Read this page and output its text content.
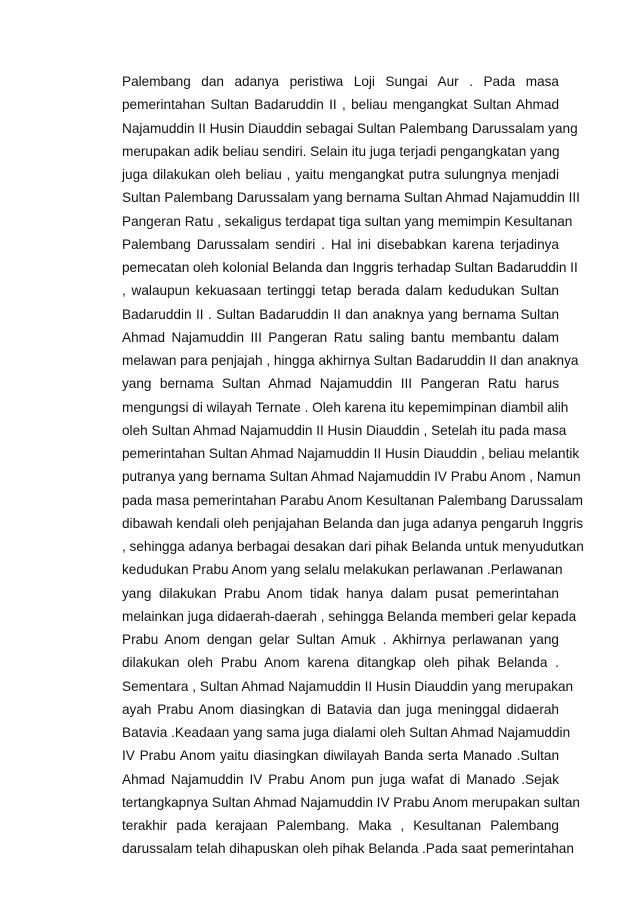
Palembang dan adanya peristiwa Loji Sungai Aur . Pada masa
pemerintahan Sultan Badaruddin II , beliau mengangkat Sultan Ahmad
Najamuddin II Husin Diauddin sebagai Sultan Palembang Darussalam yang
merupakan adik beliau sendiri. Selain itu juga terjadi pengangkatan yang
juga dilakukan oleh beliau , yaitu mengangkat putra sulungnya menjadi
Sultan Palembang Darussalam yang bernama Sultan Ahmad Najamuddin III
Pangeran Ratu , sekaligus terdapat tiga sultan yang memimpin Kesultanan
Palembang Darussalam sendiri . Hal ini disebabkan karena terjadinya
pemecatan oleh kolonial Belanda dan Inggris terhadap Sultan Badaruddin II
, walaupun kekuasaan tertinggi tetap berada dalam kedudukan Sultan
Badaruddin II . Sultan Badaruddin II dan anaknya yang bernama Sultan
Ahmad Najamuddin III Pangeran Ratu saling bantu membantu dalam
melawan para penjajah , hingga akhirnya Sultan Badaruddin II dan anaknya
yang bernama Sultan Ahmad Najamuddin III Pangeran Ratu harus
mengungsi di wilayah Ternate . Oleh karena itu kepemimpinan diambil alih
oleh Sultan Ahmad Najamuddin II Husin Diauddin , Setelah itu pada masa
pemerintahan Sultan Ahmad Najamuddin II Husin Diauddin , beliau melantik
putranya yang bernama Sultan Ahmad Najamuddin IV Prabu Anom , Namun
pada masa pemerintahan Parabu Anom Kesultanan Palembang Darussalam
dibawah kendali oleh penjajahan Belanda dan juga adanya pengaruh Inggris
, sehingga adanya berbagai desakan dari pihak Belanda untuk menyudutkan
kedudukan Prabu Anom yang selalu melakukan perlawanan .Perlawanan
yang dilakukan Prabu Anom tidak hanya dalam pusat pemerintahan
melainkan juga didaerah-daerah , sehingga Belanda memberi gelar kepada
Prabu Anom dengan gelar Sultan Amuk . Akhirnya perlawanan yang
dilakukan oleh Prabu Anom karena ditangkap oleh pihak Belanda .
Sementara , Sultan Ahmad Najamuddin II Husin Diauddin yang merupakan
ayah Prabu Anom diasingkan di Batavia dan juga meninggal didaerah
Batavia .Keadaan yang sama juga dialami oleh Sultan Ahmad Najamuddin
IV Prabu Anom yaitu diasingkan diwilayah Banda serta Manado .Sultan
Ahmad Najamuddin IV Prabu Anom pun juga wafat di Manado .Sejak
tertangkapnya Sultan Ahmad Najamuddin IV Prabu Anom merupakan sultan
terakhir pada kerajaan Palembang. Maka , Kesultanan Palembang
darussalam telah dihapuskan oleh pihak Belanda .Pada saat pemerintahan
